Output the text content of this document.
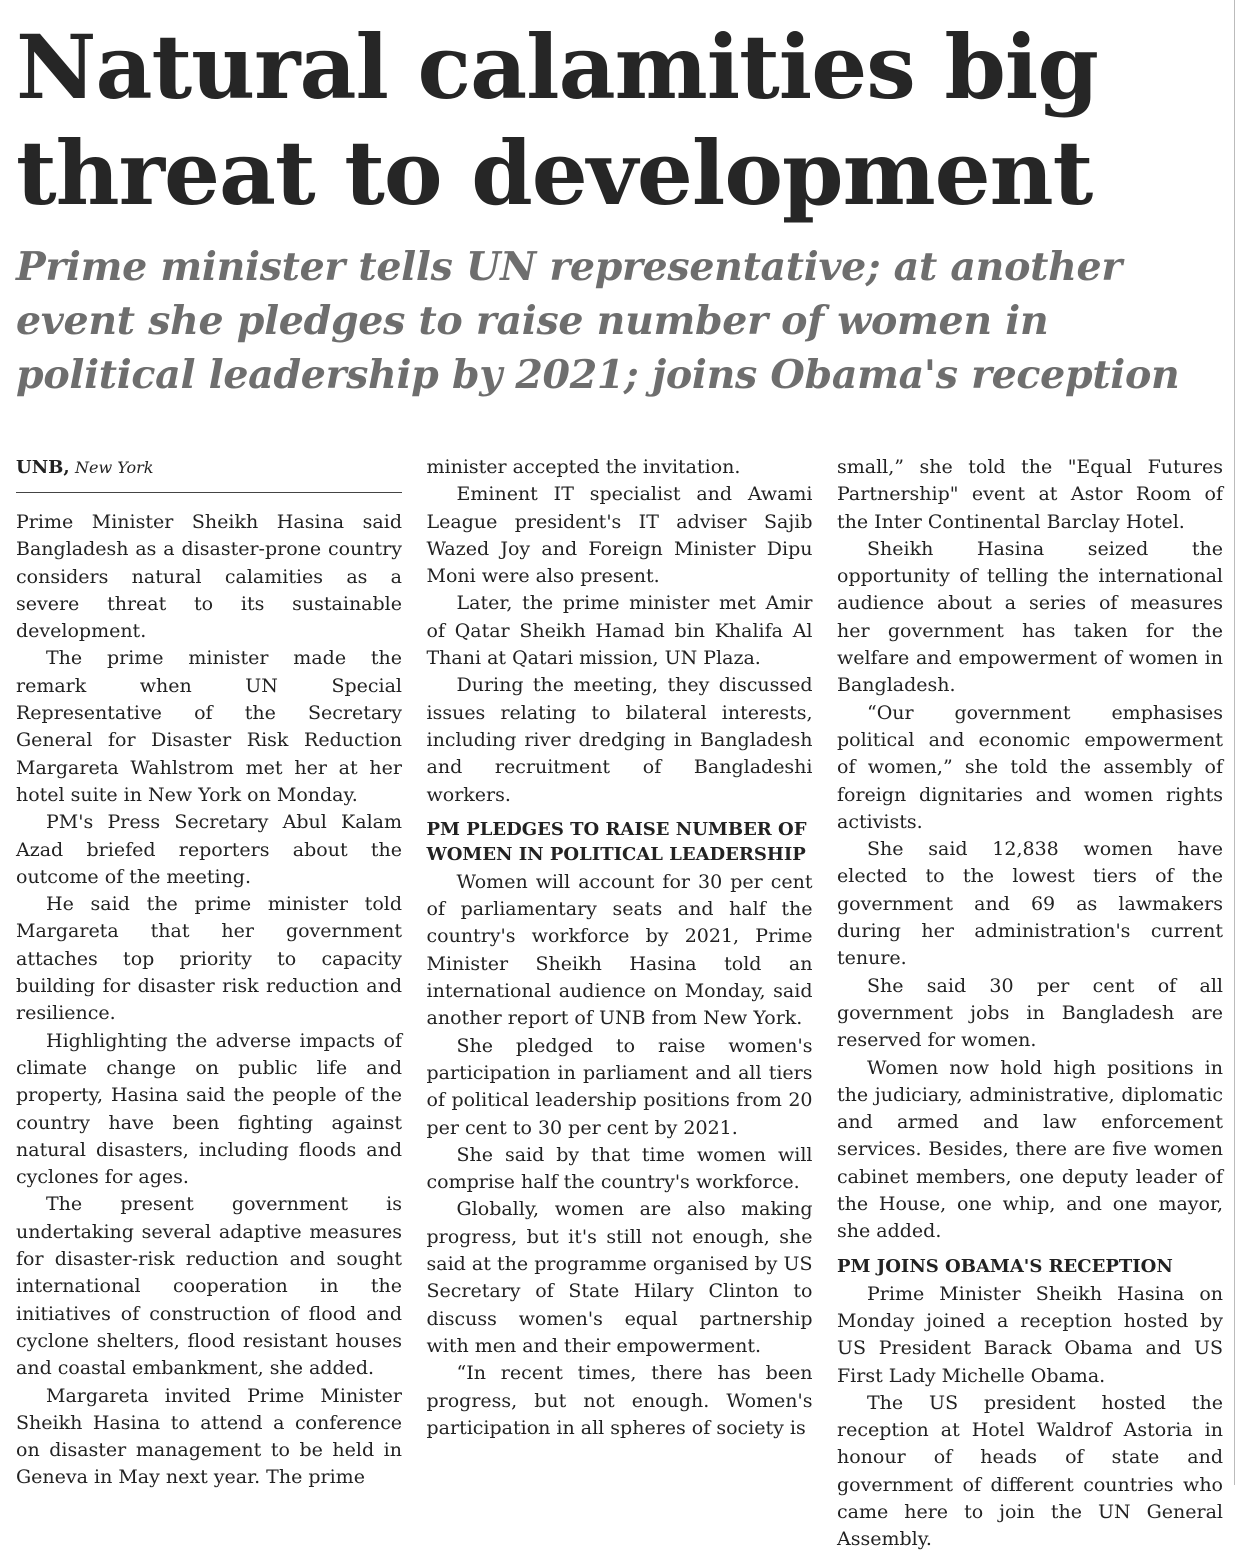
Natural calamities big threat to development
Prime minister tells UN representative; at another event she pledges to raise number of women in political leadership by 2021; joins Obama's reception
UNB, New York

Prime Minister Sheikh Hasina said Bangladesh as a disaster-prone country considers natural calamities as a severe threat to its sustainable development.

The prime minister made the remark when UN Special Representative of the Secretary General for Disaster Risk Reduction Margareta Wahlstrom met her at her hotel suite in New York on Monday.

PM's Press Secretary Abul Kalam Azad briefed reporters about the outcome of the meeting.

He said the prime minister told Margareta that her government attaches top priority to capacity building for disaster risk reduction and resilience.

Highlighting the adverse impacts of climate change on public life and property, Hasina said the people of the country have been fighting against natural disasters, including floods and cyclones for ages.

The present government is undertaking several adaptive measures for disaster-risk reduction and sought international cooperation in the initiatives of construction of flood and cyclone shelters, flood resistant houses and coastal embankment, she added.

Margareta invited Prime Minister Sheikh Hasina to attend a conference on disaster management to be held in Geneva in May next year. The prime

minister accepted the invitation.

Eminent IT specialist and Awami League president's IT adviser Sajib Wazed Joy and Foreign Minister Dipu Moni were also present.

Later, the prime minister met Amir of Qatar Sheikh Hamad bin Khalifa Al Thani at Qatari mission, UN Plaza.

During the meeting, they discussed issues relating to bilateral interests, including river dredging in Bangladesh and recruitment of Bangladeshi workers.

PM PLEDGES TO RAISE NUMBER OF WOMEN IN POLITICAL LEADERSHIP

Women will account for 30 per cent of parliamentary seats and half the country's workforce by 2021, Prime Minister Sheikh Hasina told an international audience on Monday, said another report of UNB from New York.

She pledged to raise women's participation in parliament and all tiers of political leadership positions from 20 per cent to 30 per cent by 2021.

She said by that time women will comprise half the country's workforce.

Globally, women are also making progress, but it's still not enough, she said at the programme organised by US Secretary of State Hilary Clinton to discuss women's equal partnership with men and their empowerment.

“In recent times, there has been progress, but not enough. Women's participation in all spheres of society is

small,” she told the "Equal Futures Partnership" event at Astor Room of the Inter Continental Barclay Hotel.

Sheikh Hasina seized the opportunity of telling the international audience about a series of measures her government has taken for the welfare and empowerment of women in Bangladesh.

“Our government emphasises political and economic empowerment of women,” she told the assembly of foreign dignitaries and women rights activists.

She said 12,838 women have elected to the lowest tiers of the government and 69 as lawmakers during her administration's current tenure.

She said 30 per cent of all government jobs in Bangladesh are reserved for women.

Women now hold high positions in the judiciary, administrative, diplomatic and armed and law enforcement services. Besides, there are five women cabinet members, one deputy leader of the House, one whip, and one mayor, she added.

PM JOINS OBAMA'S RECEPTION

Prime Minister Sheikh Hasina on Monday joined a reception hosted by US President Barack Obama and US First Lady Michelle Obama.

The US president hosted the reception at Hotel Waldrof Astoria in honour of heads of state and government of different countries who came here to join the UN General Assembly.
